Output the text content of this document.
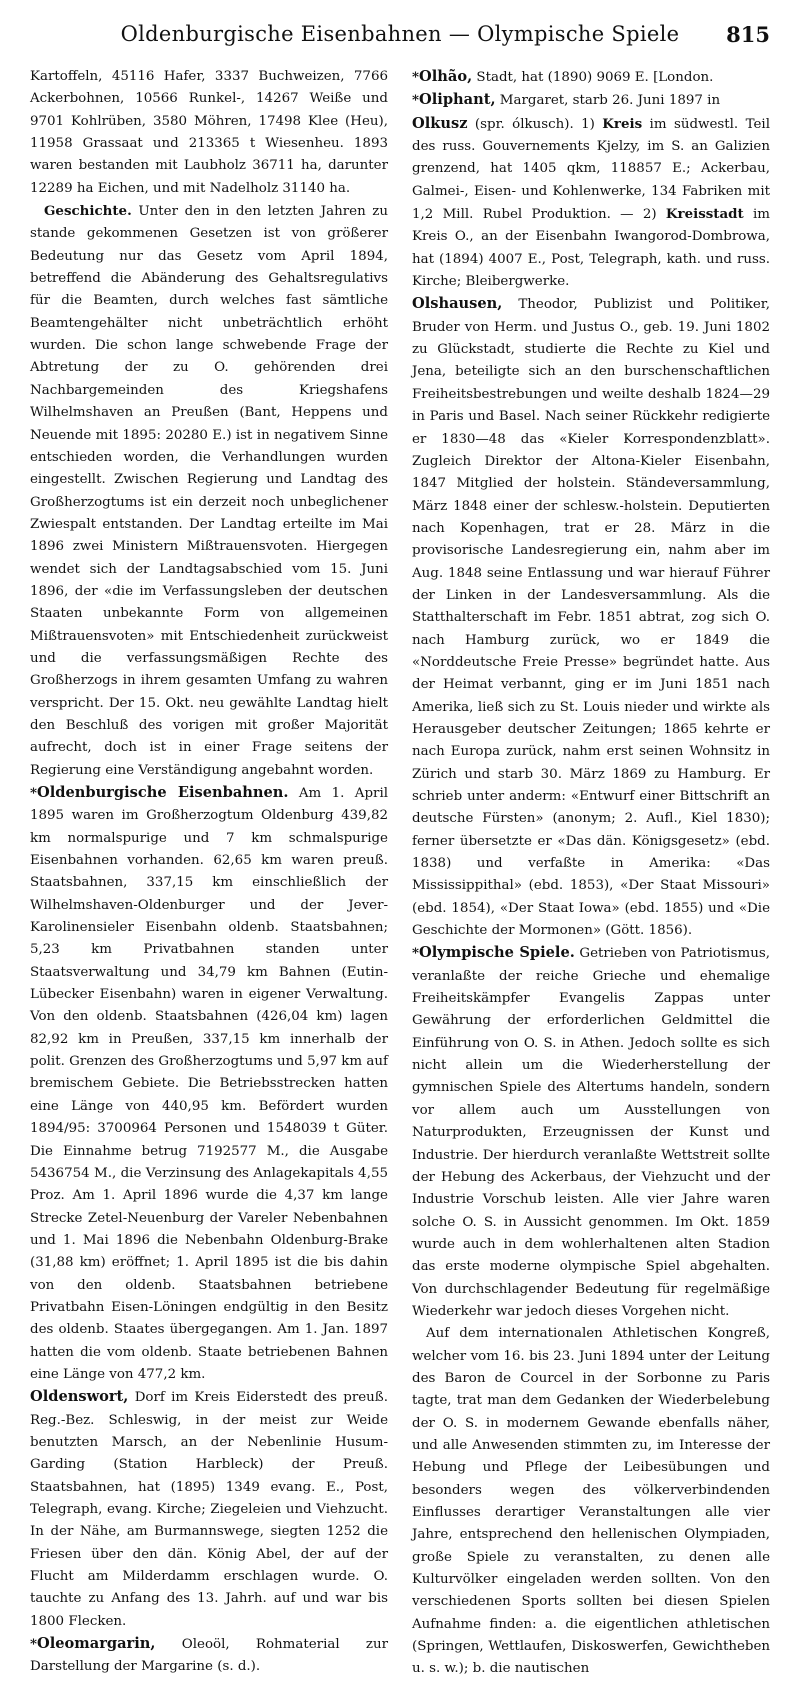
Oldenburgische Eisenbahnen — Olympische Spiele	815

Kartoffeln, 45116 Hafer, 3337 Buchweizen, 7766 Ackerbohnen, 10566 Runkel-, 14267 Weiße und 9701 Kohlrüben, 3580 Möhren, 17498 Klee (Heu), 11958 Grassaat und 213365 t Wiesenheu. 1893 waren bestanden mit Laubholz 36711 ha, darunter 12289 ha Eichen, und mit Nadelholz 31140 ha.

Geschichte. Unter den in den letzten Jahren zu stande gekommenen Gesetzen ist von größerer Bedeutung nur das Gesetz vom April 1894, betreffend die Abänderung des Gehaltsregulativs für die Beamten, durch welches fast sämtliche Beamtengehälter nicht unbeträchtlich erhöht wurden. Die schon lange schwebende Frage der Abtretung der zu O. gehörenden drei Nachbargemeinden des Kriegshafens Wilhelmshaven an Preußen (Bant, Heppens und Neuende mit 1895: 20280 E.) ist in negativem Sinne entschieden worden, die Verhandlungen wurden eingestellt. Zwischen Regierung und Landtag des Großherzogtums ist ein derzeit noch unbeglichener Zwiespalt entstanden. Der Landtag erteilte im Mai 1896 zwei Ministern Mißtrauensvoten. Hiergegen wendet sich der Landtagsabschied vom 15. Juni 1896, der «die im Verfassungsleben der deutschen Staaten unbekannte Form von allgemeinen Mißtrauensvoten» mit Entschiedenheit zurückweist und die verfassungsmäßigen Rechte des Großherzogs in ihrem gesamten Umfang zu wahren verspricht. Der 15. Okt. neu gewählte Landtag hielt den Beschluß des vorigen mit großer Majorität aufrecht, doch ist in einer Frage seitens der Regierung eine Verständigung angebahnt worden.

*Oldenburgische Eisenbahnen. Am 1. April 1895 waren im Großherzogtum Oldenburg 439,82 km normalspurige und 7 km schmalspurige Eisenbahnen vorhanden. 62,65 km waren preuß. Staatsbahnen, 337,15 km einschließlich der Wilhelmshaven-Oldenburger und der Jever-Karolinensieler Eisenbahn oldenb. Staatsbahnen; 5,23 km Privatbahnen standen unter Staatsverwaltung und 34,79 km Bahnen (Eutin-Lübecker Eisenbahn) waren in eigener Verwaltung. Von den oldenb. Staatsbahnen (426,04 km) lagen 82,92 km in Preußen, 337,15 km innerhalb der polit. Grenzen des Großherzogtums und 5,97 km auf bremischem Gebiete. Die Betriebsstrecken hatten eine Länge von 440,95 km. Befördert wurden 1894/95: 3700964 Personen und 1548039 t Güter. Die Einnahme betrug 7192577 M., die Ausgabe 5436754 M., die Verzinsung des Anlagekapitals 4,55 Proz. Am 1. April 1896 wurde die 4,37 km lange Strecke Zetel-Neuenburg der Vareler Nebenbahnen und 1. Mai 1896 die Nebenbahn Oldenburg-Brake (31,88 km) eröffnet; 1. April 1895 ist die bis dahin von den oldenb. Staatsbahnen betriebene Privatbahn Eisen-Löningen endgültig in den Besitz des oldenb. Staates übergegangen. Am 1. Jan. 1897 hatten die vom oldenb. Staate betriebenen Bahnen eine Länge von 477,2 km.

Oldenswort, Dorf im Kreis Eiderstedt des preuß. Reg.-Bez. Schleswig, in der meist zur Weide benutzten Marsch, an der Nebenlinie Husum-Garding (Station Harbleck) der Preuß. Staatsbahnen, hat (1895) 1349 evang. E., Post, Telegraph, evang. Kirche; Ziegeleien und Viehzucht. In der Nähe, am Burmannswege, siegten 1252 die Friesen über den dän. König Abel, der auf der Flucht am Milderdamm erschlagen wurde. O. tauchte zu Anfang des 13. Jahrh. auf und war bis 1800 Flecken.

*Oleomargarin, Oleoöl, Rohmaterial zur Darstellung der Margarine (s. d.).

*Olhão, Stadt, hat (1890) 9069 E. [London.

*Oliphant, Margaret, starb 26. Juni 1897 in

Olkusz (spr. ólkusch). 1) Kreis im südwestl. Teil des russ. Gouvernements Kjelzy, im S. an Galizien grenzend, hat 1405 qkm, 118857 E.; Ackerbau, Galmei-, Eisen- und Kohlenwerke, 134 Fabriken mit 1,2 Mill. Rubel Produktion. — 2) Kreisstadt im Kreis O., an der Eisenbahn Iwangorod-Dombrowa, hat (1894) 4007 E., Post, Telegraph, kath. und russ. Kirche; Bleibergwerke.

Olshausen, Theodor, Publizist und Politiker, Bruder von Herm. und Justus O., geb. 19. Juni 1802 zu Glückstadt, studierte die Rechte zu Kiel und Jena, beteiligte sich an den burschenschaftlichen Freiheitsbestrebungen und weilte deshalb 1824—29 in Paris und Basel. Nach seiner Rückkehr redigierte er 1830—48 das «Kieler Korrespondenzblatt». Zugleich Direktor der Altona-Kieler Eisenbahn, 1847 Mitglied der holstein. Ständeversammlung, März 1848 einer der schlesw.-holstein. Deputierten nach Kopenhagen, trat er 28. März in die provisorische Landesregierung ein, nahm aber im Aug. 1848 seine Entlassung und war hierauf Führer der Linken in der Landesversammlung. Als die Statthalterschaft im Febr. 1851 abtrat, zog sich O. nach Hamburg zurück, wo er 1849 die «Norddeutsche Freie Presse» begründet hatte. Aus der Heimat verbannt, ging er im Juni 1851 nach Amerika, ließ sich zu St. Louis nieder und wirkte als Herausgeber deutscher Zeitungen; 1865 kehrte er nach Europa zurück, nahm erst seinen Wohnsitz in Zürich und starb 30. März 1869 zu Hamburg. Er schrieb unter anderm: «Entwurf einer Bittschrift an deutsche Fürsten» (anonym; 2. Aufl., Kiel 1830); ferner übersetzte er «Das dän. Königsgesetz» (ebd. 1838) und verfaßte in Amerika: «Das Mississippithal» (ebd. 1853), «Der Staat Missouri» (ebd. 1854), «Der Staat Iowa» (ebd. 1855) und «Die Geschichte der Mormonen» (Gött. 1856).

*Olympische Spiele. Getrieben von Patriotismus, veranlaßte der reiche Grieche und ehemalige Freiheitskämpfer Evangelis Zappas unter Gewährung der erforderlichen Geldmittel die Einführung von O. S. in Athen. Jedoch sollte es sich nicht allein um die Wiederherstellung der gymnischen Spiele des Altertums handeln, sondern vor allem auch um Ausstellungen von Naturprodukten, Erzeugnissen der Kunst und Industrie. Der hierdurch veranlaßte Wettstreit sollte der Hebung des Ackerbaus, der Viehzucht und der Industrie Vorschub leisten. Alle vier Jahre waren solche O. S. in Aussicht genommen. Im Okt. 1859 wurde auch in dem wohlerhaltenen alten Stadion das erste moderne olympische Spiel abgehalten. Von durchschlagender Bedeutung für regelmäßige Wiederkehr war jedoch dieses Vorgehen nicht.

Auf dem internationalen Athletischen Kongreß, welcher vom 16. bis 23. Juni 1894 unter der Leitung des Baron de Courcel in der Sorbonne zu Paris tagte, trat man dem Gedanken der Wiederbelebung der O. S. in modernem Gewande ebenfalls näher, und alle Anwesenden stimmten zu, im Interesse der Hebung und Pflege der Leibesübungen und besonders wegen des völkerverbindenden Einflusses derartiger Veranstaltungen alle vier Jahre, entsprechend den hellenischen Olympiaden, große Spiele zu veranstalten, zu denen alle Kulturvölker eingeladen werden sollten. Von den verschiedenen Sports sollten bei diesen Spielen Aufnahme finden: a. die eigentlichen athletischen (Springen, Wettlaufen, Diskoswerfen, Gewichtheben u. s. w.); b. die nautischen
